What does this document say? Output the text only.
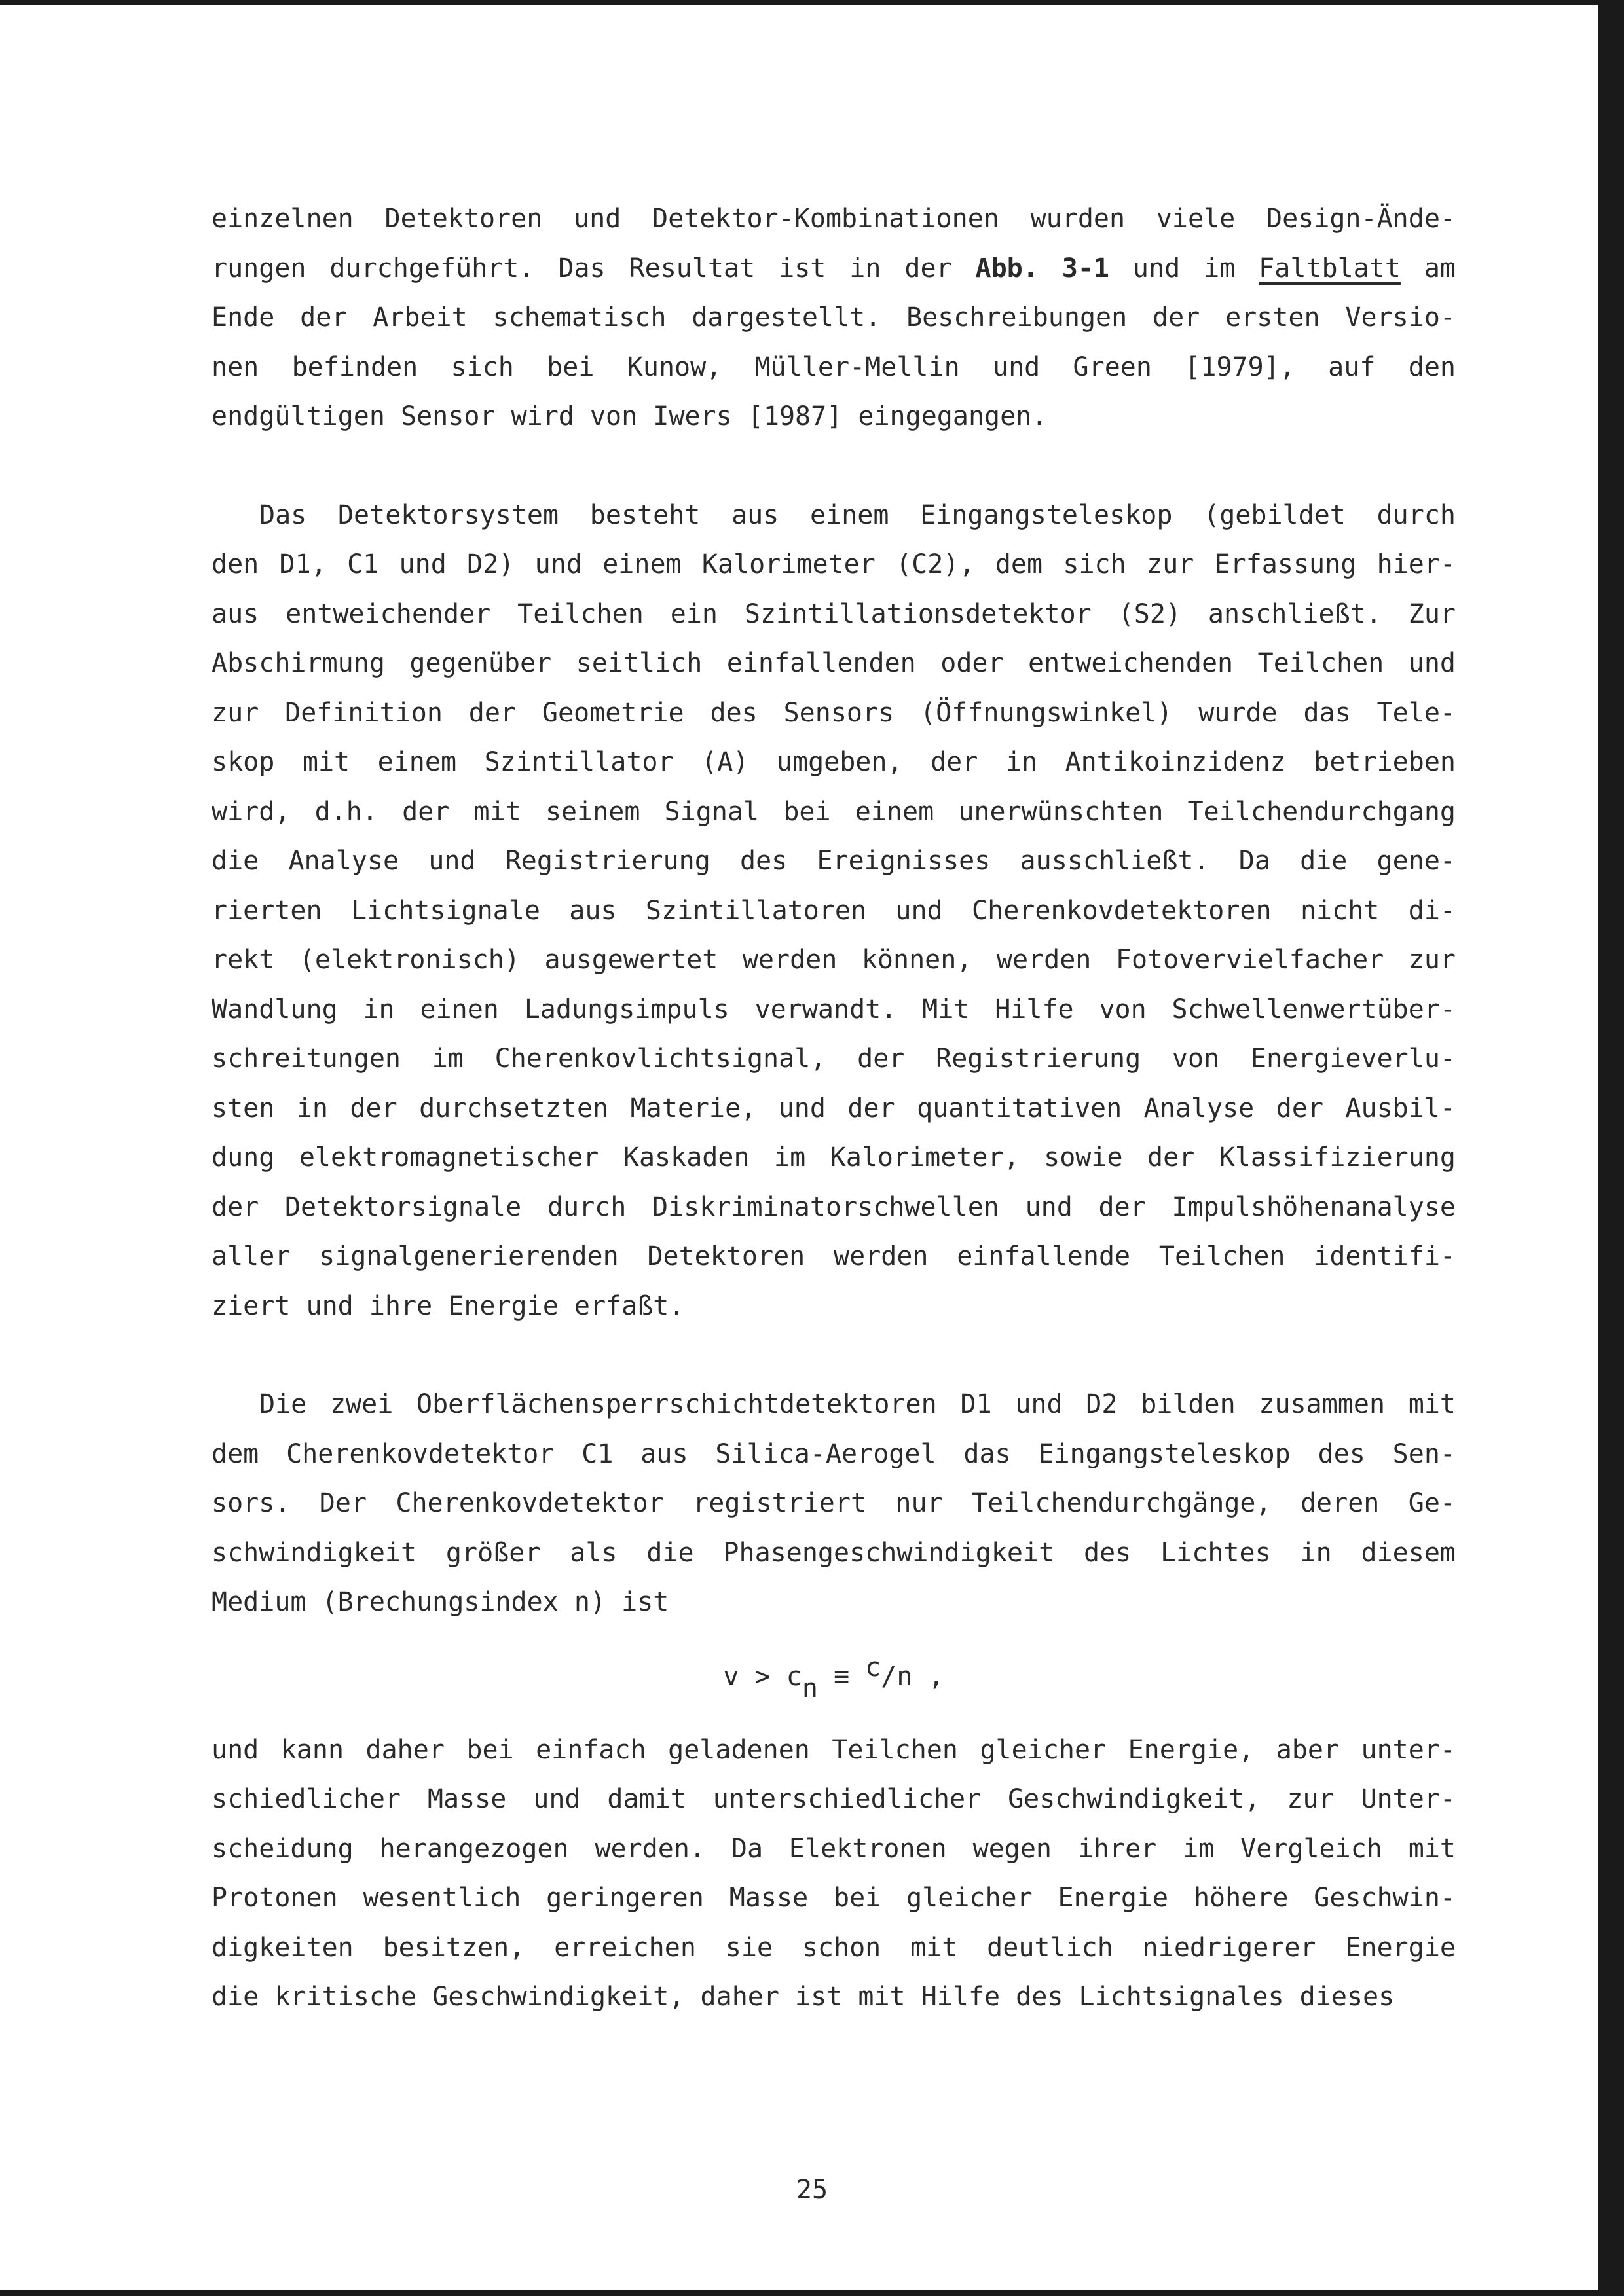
einzelnen Detektoren und Detektor-Kombinationen wurden viele Design-Ände-
rungen durchgeführt. Das Resultat ist in der Abb. 3-1 und im Faltblatt am
Ende der Arbeit schematisch dargestellt. Beschreibungen der ersten Versio-
nen befinden sich bei Kunow, Müller-Mellin und Green [1979], auf den
endgültigen Sensor wird von Iwers [1987] eingegangen.
Das Detektorsystem besteht aus einem Eingangsteleskop (gebildet durch
den D1, C1 und D2) und einem Kalorimeter (C2), dem sich zur Erfassung hier-
aus entweichender Teilchen ein Szintillationsdetektor (S2) anschließt. Zur
Abschirmung gegenüber seitlich einfallenden oder entweichenden Teilchen und
zur Definition der Geometrie des Sensors (Öffnungswinkel) wurde das Tele-
skop mit einem Szintillator (A) umgeben, der in Antikoinzidenz betrieben
wird, d.h. der mit seinem Signal bei einem unerwünschten Teilchendurchgang
die Analyse und Registrierung des Ereignisses ausschließt. Da die gene-
rierten Lichtsignale aus Szintillatoren und Cherenkovdetektoren nicht di-
rekt (elektronisch) ausgewertet werden können, werden Fotovervielfacher zur
Wandlung in einen Ladungsimpuls verwandt. Mit Hilfe von Schwellenwertüber-
schreitungen im Cherenkovlichtsignal, der Registrierung von Energieverlu-
sten in der durchsetzten Materie, und der quantitativen Analyse der Ausbil-
dung elektromagnetischer Kaskaden im Kalorimeter, sowie der Klassifizierung
der Detektorsignale durch Diskriminatorschwellen und der Impulshöhenanalyse
aller signalgenerierenden Detektoren werden einfallende Teilchen identifi-
ziert und ihre Energie erfaßt.
Die zwei Oberflächensperrschichtdetektoren D1 und D2 bilden zusammen mit
dem Cherenkovdetektor C1 aus Silica-Aerogel das Eingangsteleskop des Sen-
sors. Der Cherenkovdetektor registriert nur Teilchendurchgänge, deren Ge-
schwindigkeit größer als die Phasengeschwindigkeit des Lichtes in diesem
Medium (Brechungsindex n) ist
v > cn ≡ c/n ,
und kann daher bei einfach geladenen Teilchen gleicher Energie, aber unter-
schiedlicher Masse und damit unterschiedlicher Geschwindigkeit, zur Unter-
scheidung herangezogen werden. Da Elektronen wegen ihrer im Vergleich mit
Protonen wesentlich geringeren Masse bei gleicher Energie höhere Geschwin-
digkeiten besitzen, erreichen sie schon mit deutlich niedrigerer Energie
die kritische Geschwindigkeit, daher ist mit Hilfe des Lichtsignales dieses
25
